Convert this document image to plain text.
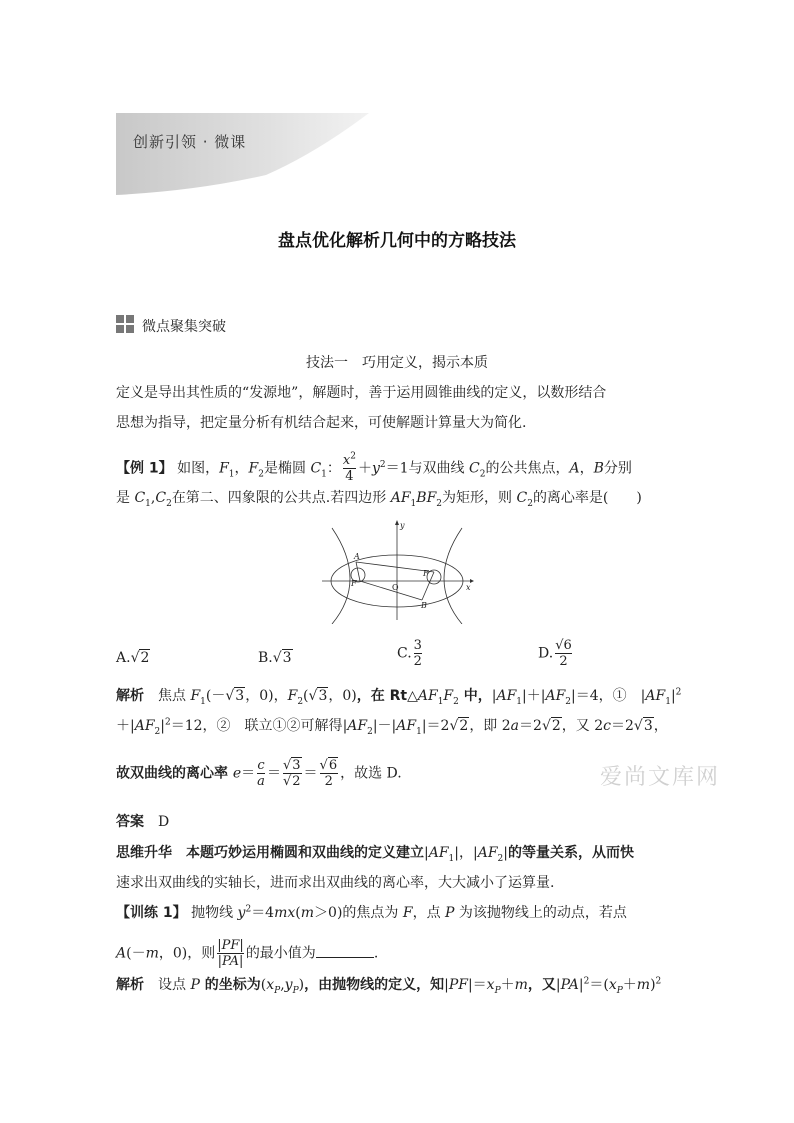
创新引领 · 微课
盘点优化解析几何中的方略技法
微点聚集突破
技法一　巧用定义，揭示本质
定义是导出其性质的“发源地”，解题时，善于运用圆锥曲线的定义，以数形结合
思想为指导，把定量分析有机结合起来，可使解题计算量大为简化.
【例 1】 如图，$F_1$，$F_2$是椭圆 $C_1$： $\frac{x^2}{4} +y^2=1$与双曲线 $C_2$的公共焦点，A，B分别
是 $C_1,C_2$在第二、四象限的公共点.若四边形 $AF_1BF_2$为矩形，则 $C_2$的离心率是(　　)
y
x
A
F	O
F
B
A.√2	B.√3	C. $\frac{3}{2}$	D. $\frac{√6}{2}$
解析　 焦点 $F_1(-√3$，0)，$F_2(√3$，0)，在 $Rt\triangle AF_1F_2$ 中，$|AF_1|+|AF_2|=4$，①　$|AF_1|^2$
$+|AF_2|^2=12$，②　联立①②可解得$|AF_2|-|AF_1|=2√2$，即 2a＝2√2，又 2c＝2√3，
故双曲线的离心率 $e= \frac{c}{a} = \frac{√3}{√2} = \frac{√6}{2}$ ，故选 D.	爱尚文库网
答案　 D
思维升华　 本题巧妙运用椭圆和双曲线的定义建立$|AF_1|$，$|AF_2|$的等量关系，从而快
速求出双曲线的实轴长，进而求出双曲线的离心率，大大减小了运算量.
【训练 1】 抛物线 $y^2=4mx(m>0)$的焦点为 F，点 P 为该抛物线上的动点，若点
A(－m，0)，则 $\frac{|PF|}{|PA|}$ 的最小值为	.
解析　 设点 P 的坐标为$(x_P,y_P)$，由抛物线的定义，知$|PF|=x_P+m$，又$|PA|^2=(x_P+m)^2$
